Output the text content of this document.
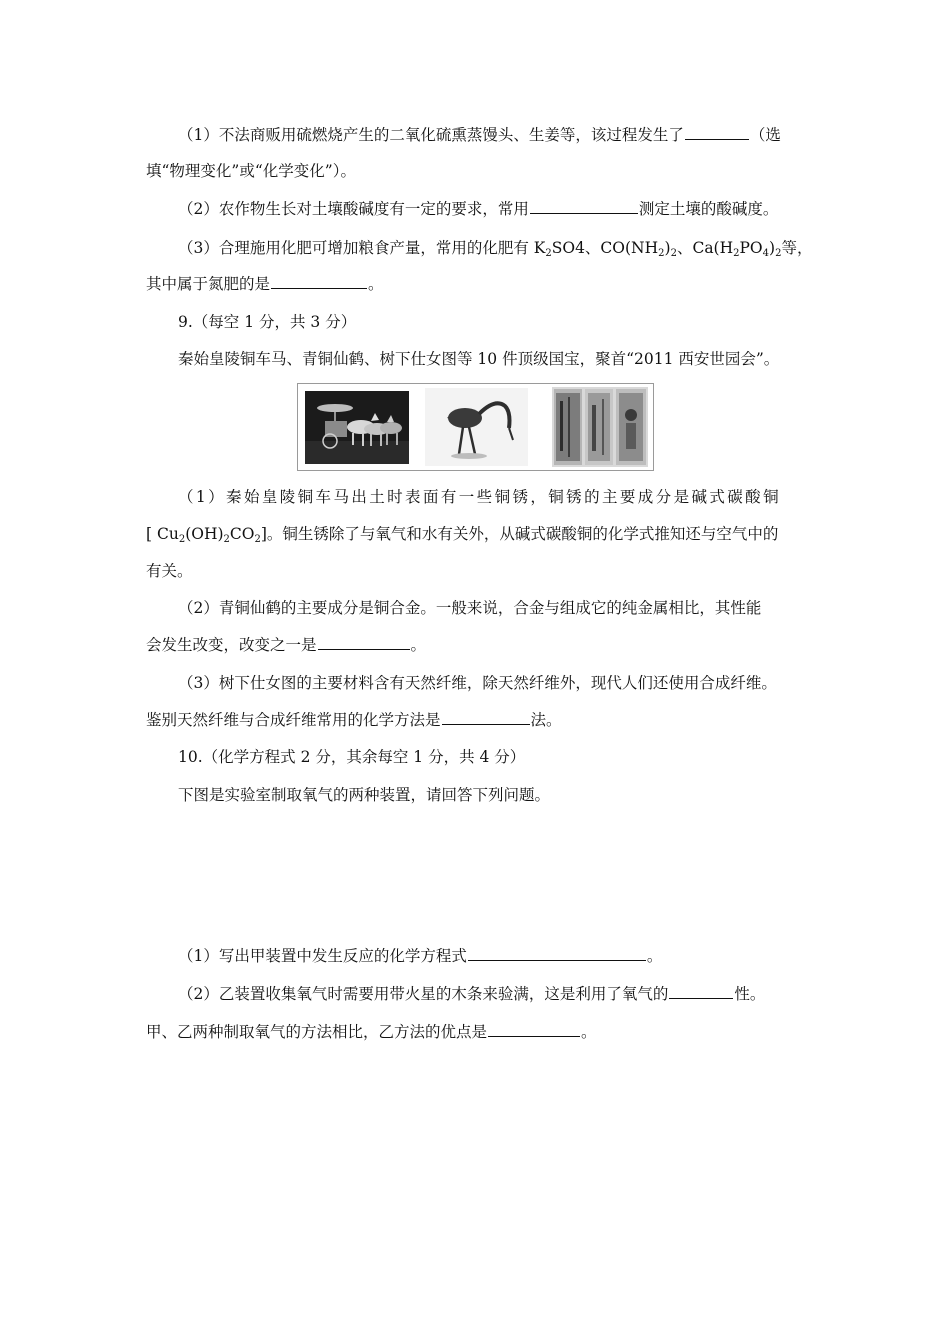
（1）不法商贩用硫燃烧产生的二氧化硫熏蒸馒头、生姜等，该过程发生了	（选
填“物理变化”或“化学变化”）。
（2）农作物生长对土壤酸碱度有一定的要求，常用	测定土壤的酸碱度。
（3）合理施用化肥可增加粮食产量，常用的化肥有 $K_2SO4$、$CO(NH_2)_2$、$Ca(H_2PO_4)_2$等，
其中属于氮肥的是	。
9.（每空 1 分，共 3 分）
秦始皇陵铜车马、青铜仙鹤、树下仕女图等 10 件顶级国宝，聚首“2011 西安世园会”。
（1）秦始皇陵铜车马出土时表面有一些铜锈，铜锈的主要成分是碱式碳酸铜
[ $Cu_2(OH)_2CO_2$]。铜生锈除了与氧气和水有关外，从碱式碳酸铜的化学式推知还与空气中的
有关。
（2）青铜仙鹤的主要成分是铜合金。一般来说，合金与组成它的纯金属相比，其性能
会发生改变，改变之一是	。
（3）树下仕女图的主要材料含有天然纤维，除天然纤维外，现代人们还使用合成纤维。
鉴别天然纤维与合成纤维常用的化学方法是	法。
10.（化学方程式 2 分，其余每空 1 分，共 4 分）
下图是实验室制取氧气的两种装置，请回答下列问题。
（1）写出甲装置中发生反应的化学方程式	。
（2）乙装置收集氧气时需要用带火星的木条来验满，这是利用了氧气的	性。
甲、乙两种制取氧气的方法相比，乙方法的优点是	。
